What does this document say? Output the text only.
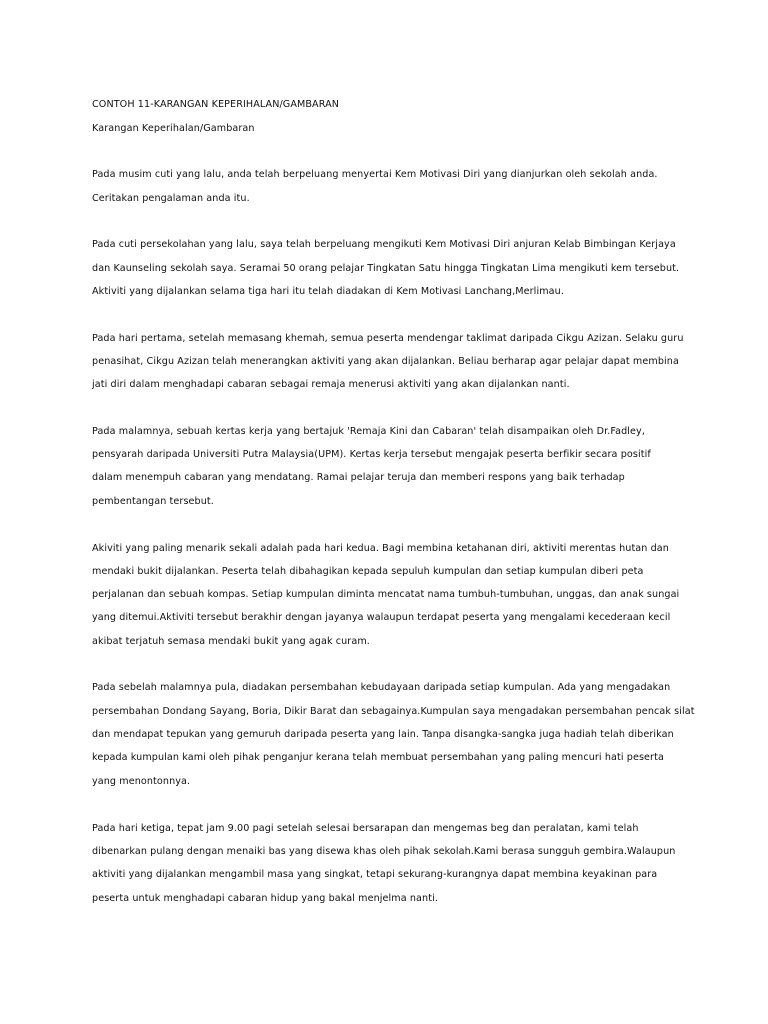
CONTOH 11-KARANGAN KEPERIHALAN/GAMBARAN
Karangan Keperihalan/Gambaran
Pada musim cuti yang lalu, anda telah berpeluang menyertai Kem Motivasi Diri yang dianjurkan oleh sekolah anda.
Ceritakan pengalaman anda itu.
Pada cuti persekolahan yang lalu, saya telah berpeluang mengikuti Kem Motivasi Diri anjuran Kelab Bimbingan Kerjaya
dan Kaunseling sekolah saya. Seramai 50 orang pelajar Tingkatan Satu hingga Tingkatan Lima mengikuti kem tersebut.
Aktiviti yang dijalankan selama tiga hari itu telah diadakan di Kem Motivasi Lanchang,Merlimau.
Pada hari pertama, setelah memasang khemah, semua peserta mendengar taklimat daripada Cikgu Azizan. Selaku guru
penasihat, Cikgu Azizan telah menerangkan aktiviti yang akan dijalankan. Beliau berharap agar pelajar dapat membina
jati diri dalam menghadapi cabaran sebagai remaja menerusi aktiviti yang akan dijalankan nanti.
Pada malamnya, sebuah kertas kerja yang bertajuk 'Remaja Kini dan Cabaran' telah disampaikan oleh Dr.Fadley,
pensyarah daripada Universiti Putra Malaysia(UPM). Kertas kerja tersebut mengajak peserta berfikir secara positif
dalam menempuh cabaran yang mendatang. Ramai pelajar teruja dan memberi respons yang baik terhadap
pembentangan tersebut.
Akiviti yang paling menarik sekali adalah pada hari kedua. Bagi membina ketahanan diri, aktiviti merentas hutan dan
mendaki bukit dijalankan. Peserta telah dibahagikan kepada sepuluh kumpulan dan setiap kumpulan diberi peta
perjalanan dan sebuah kompas. Setiap kumpulan diminta mencatat nama tumbuh-tumbuhan, unggas, dan anak sungai
yang ditemui.Aktiviti tersebut berakhir dengan jayanya walaupun terdapat peserta yang mengalami kecederaan kecil
akibat terjatuh semasa mendaki bukit yang agak curam.
Pada sebelah malamnya pula, diadakan persembahan kebudayaan daripada setiap kumpulan. Ada yang mengadakan
persembahan Dondang Sayang, Boria, Dikir Barat dan sebagainya.Kumpulan saya mengadakan persembahan pencak silat
dan mendapat tepukan yang gemuruh daripada peserta yang lain. Tanpa disangka-sangka juga hadiah telah diberikan
kepada kumpulan kami oleh pihak penganjur kerana telah membuat persembahan yang paling mencuri hati peserta
yang menontonnya.
Pada hari ketiga, tepat jam 9.00 pagi setelah selesai bersarapan dan mengemas beg dan peralatan, kami telah
dibenarkan pulang dengan menaiki bas yang disewa khas oleh pihak sekolah.Kami berasa sungguh gembira.Walaupun
aktiviti yang dijalankan mengambil masa yang singkat, tetapi sekurang-kurangnya dapat membina keyakinan para
peserta untuk menghadapi cabaran hidup yang bakal menjelma nanti.
